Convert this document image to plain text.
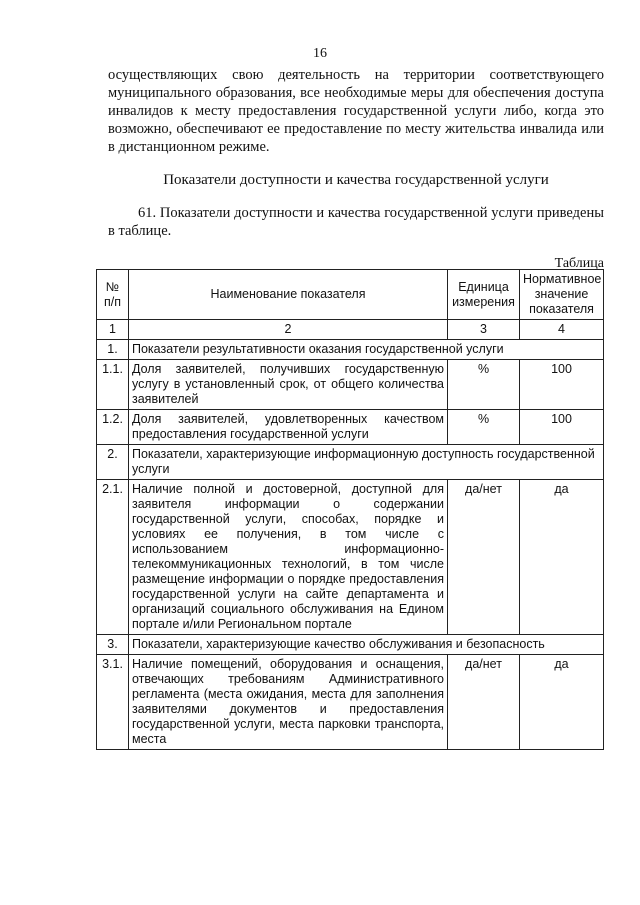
16
осуществляющих свою деятельность на территории соответствующего муниципального образования, все необходимые меры для обеспечения доступа инвалидов к месту предоставления государственной услуги либо, когда это возможно, обеспечивают ее предоставление по месту жительства инвалида или в дистанционном режиме.
Показатели доступности и качества государственной услуги
61. Показатели доступности и качества государственной услуги приведены в таблице.
Таблица
№ п/п	Наименование показателя	Единица измерения	Нормативное значение показателя
1	2	3	4
1.	Показатели результативности оказания государственной услуги		
1.1.	Доля заявителей, получивших государственную услугу в установленный срок, от общего количества заявителей	%	100
1.2.	Доля заявителей, удовлетворенных качеством предоставления государственной услуги	%	100
2.	Показатели, характеризующие информационную доступность государственной услуги		
2.1.	Наличие полной и достоверной, доступной для заявителя информации о содержании государственной услуги, способах, порядке и условиях ее получения, в том числе с использованием информационно-телекоммуникационных технологий, в том числе размещение информации о порядке предоставления государственной услуги на сайте департамента и организаций социального обслуживания на Едином портале и/или Региональном портале	да/нет	да
3.	Показатели, характеризующие качество обслуживания и безопасность		
3.1.	Наличие помещений, оборудования и оснащения, отвечающих требованиям Административного регламента (места ожидания, места для заполнения заявителями документов и предоставления государственной услуги, места парковки транспорта, места	да/нет	да
